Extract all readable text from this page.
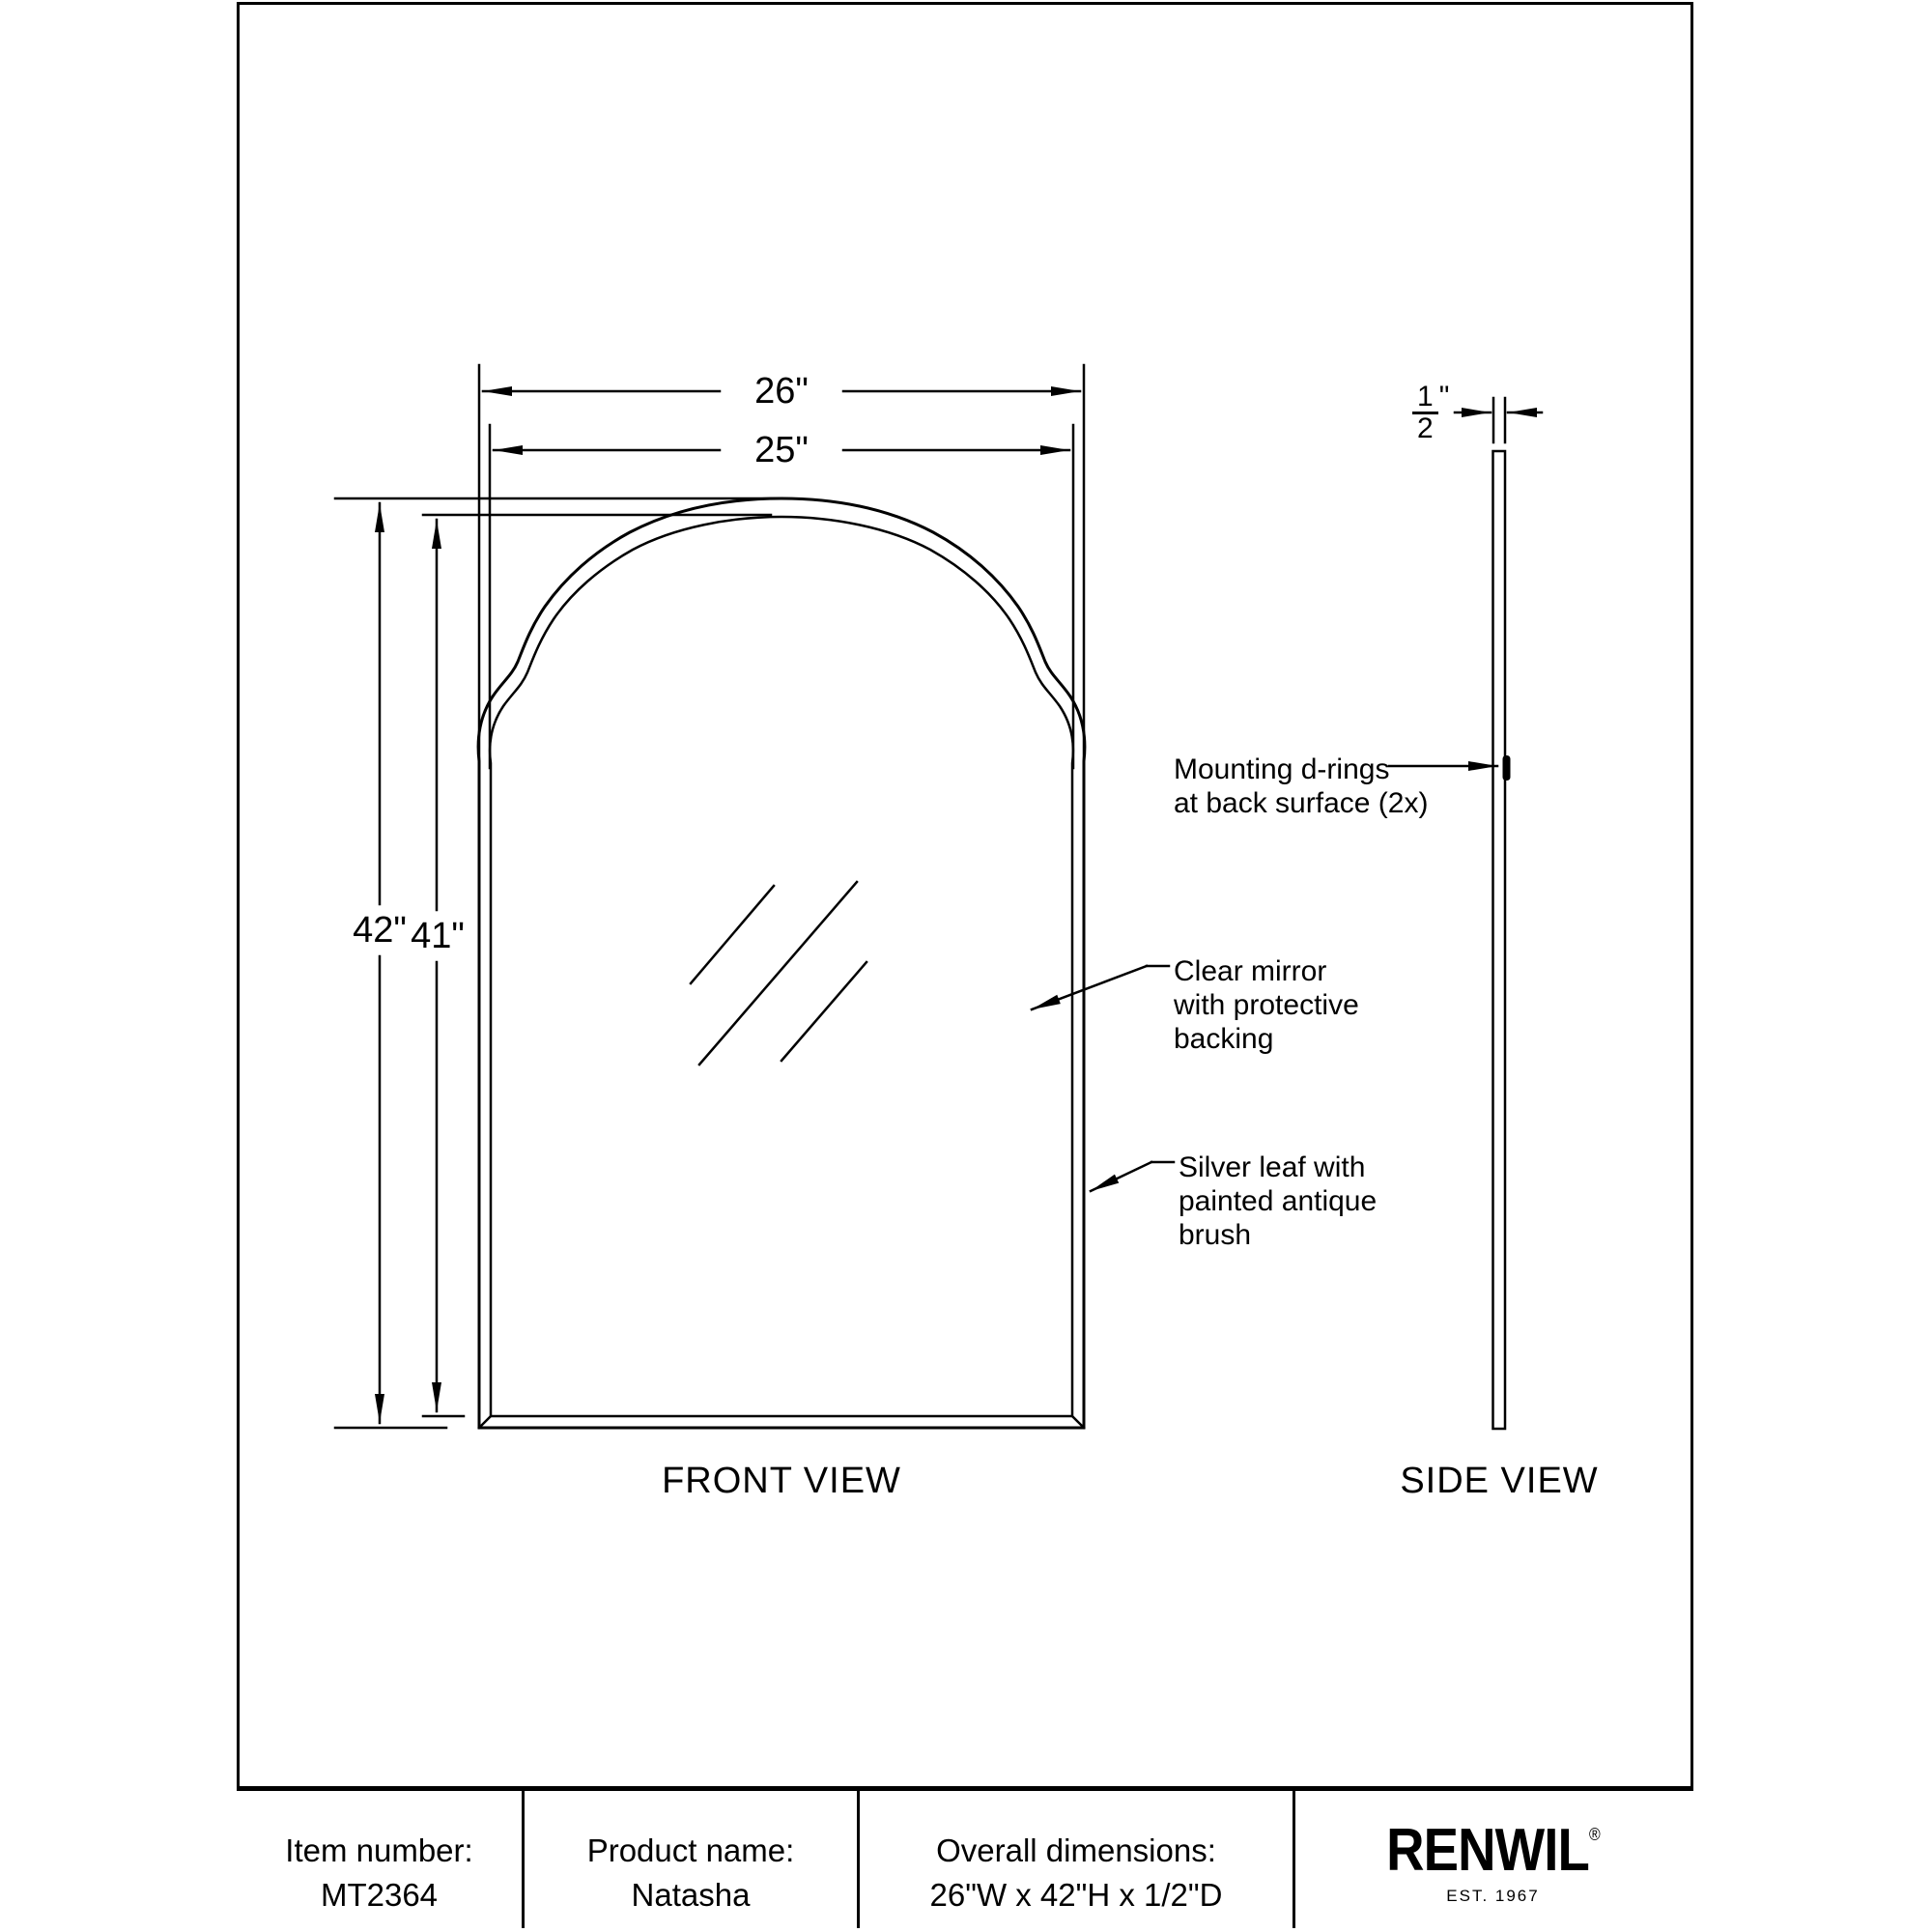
26"
25"
42" 41"
$\frac{1}{2}$ "
Mounting d-rings
at back surface (2x)
Clear mirror
with protective
backing
Silver leaf with
painted antique
brush
FRONT VIEW	SIDE VIEW
Item number:
MT2364
Product name:
Natasha
Overall dimensions:
26"W x 42"H x 1/2"D
RENWIL ®
EST. 1967
